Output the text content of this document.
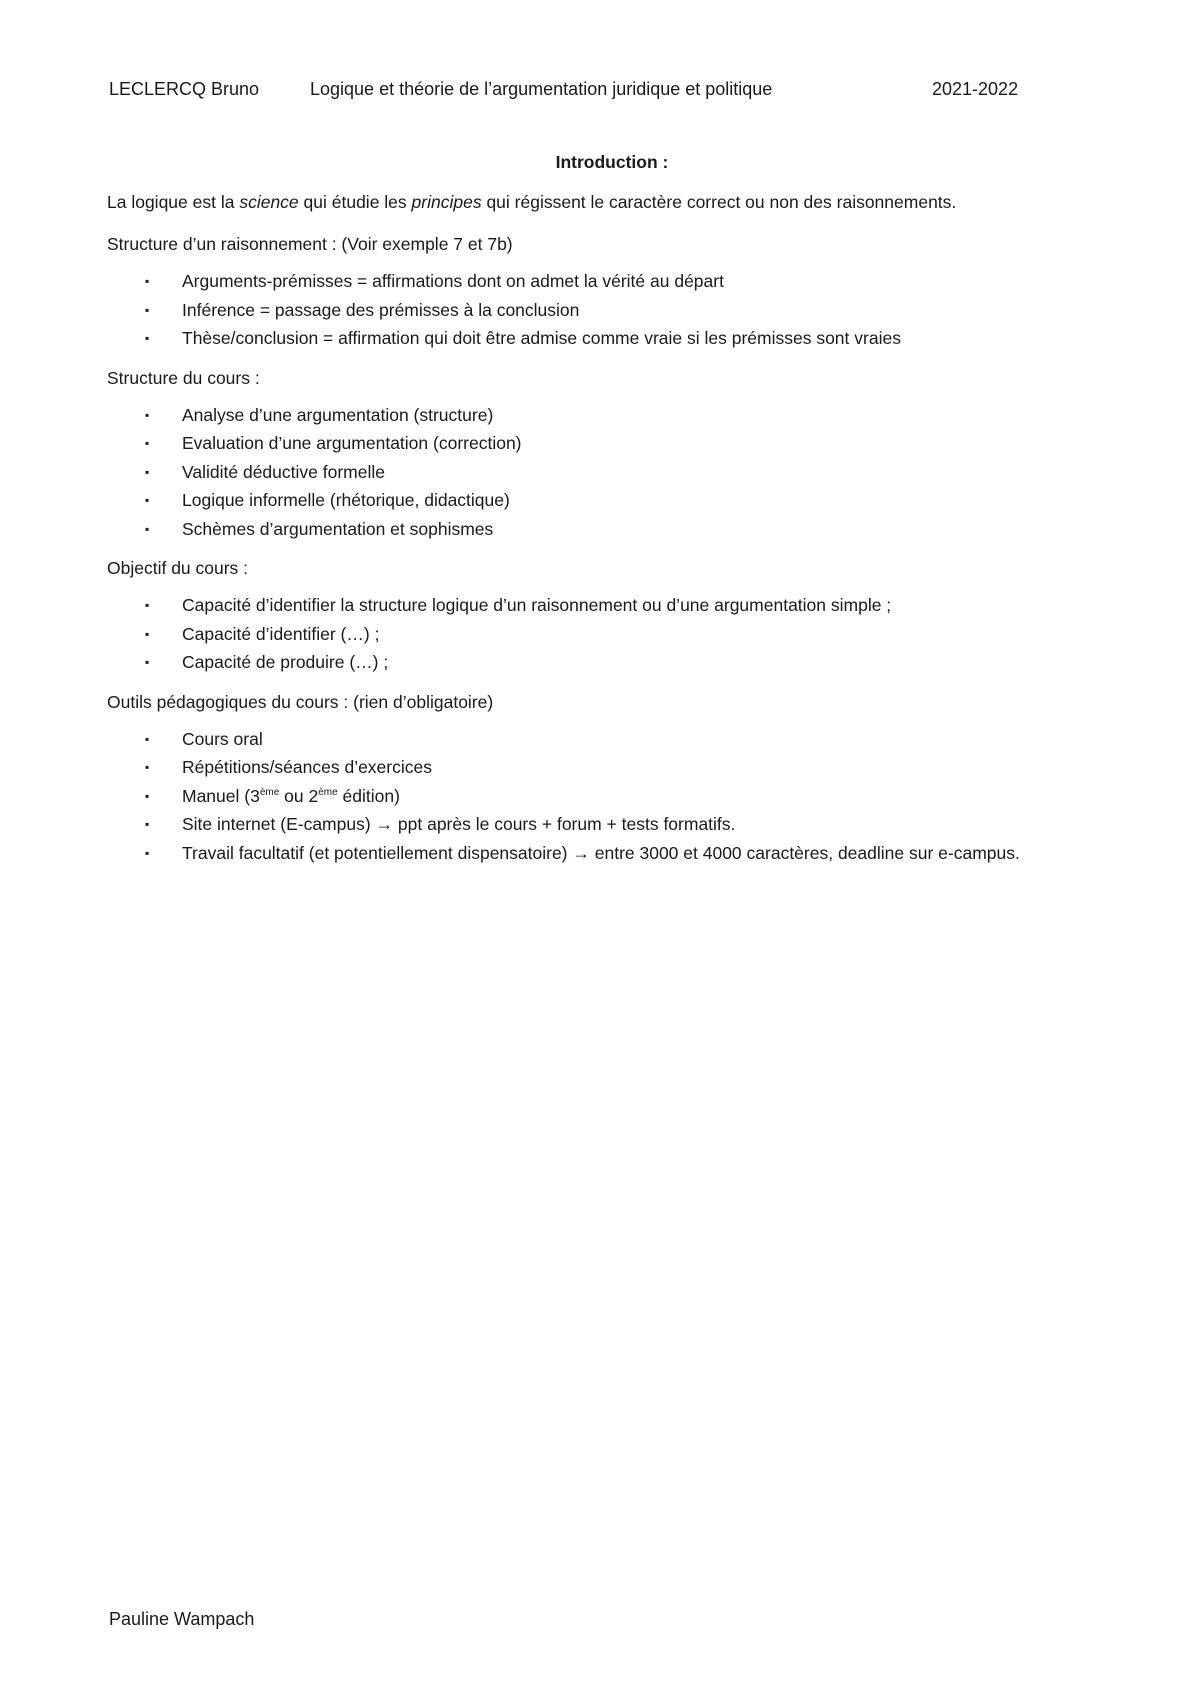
LECLERCQ Bruno	Logique et théorie de l’argumentation juridique et politique	2021-2022
Introduction :

La logique est la science qui étudie les principes qui régissent le caractère correct ou non des raisonnements.

Structure d’un raisonnement : (Voir exemple 7 et 7b)
▪ Arguments-prémisses = affirmations dont on admet la vérité au départ
▪ Inférence = passage des prémisses à la conclusion
▪ Thèse/conclusion = affirmation qui doit être admise comme vraie si les prémisses sont vraies
Structure du cours :
▪ Analyse d’une argumentation (structure)
▪ Evaluation d’une argumentation (correction)
▪ Validité déductive formelle
▪ Logique informelle (rhétorique, didactique)
▪ Schèmes d’argumentation et sophismes
Objectif du cours :
▪ Capacité d’identifier la structure logique d’un raisonnement ou d’une argumentation simple ;
▪ Capacité d’identifier (…) ;
▪ Capacité de produire (…) ;
Outils pédagogiques du cours : (rien d’obligatoire)
▪ Cours oral
▪ Répétitions/séances d’exercices
▪ Manuel (3ème ou 2ème édition)
▪ Site internet (E-campus) → ppt après le cours + forum + tests formatifs.
▪ Travail facultatif (et potentiellement dispensatoire) → entre 3000 et 4000 caractères, deadline sur e-campus.
Pauline Wampach
